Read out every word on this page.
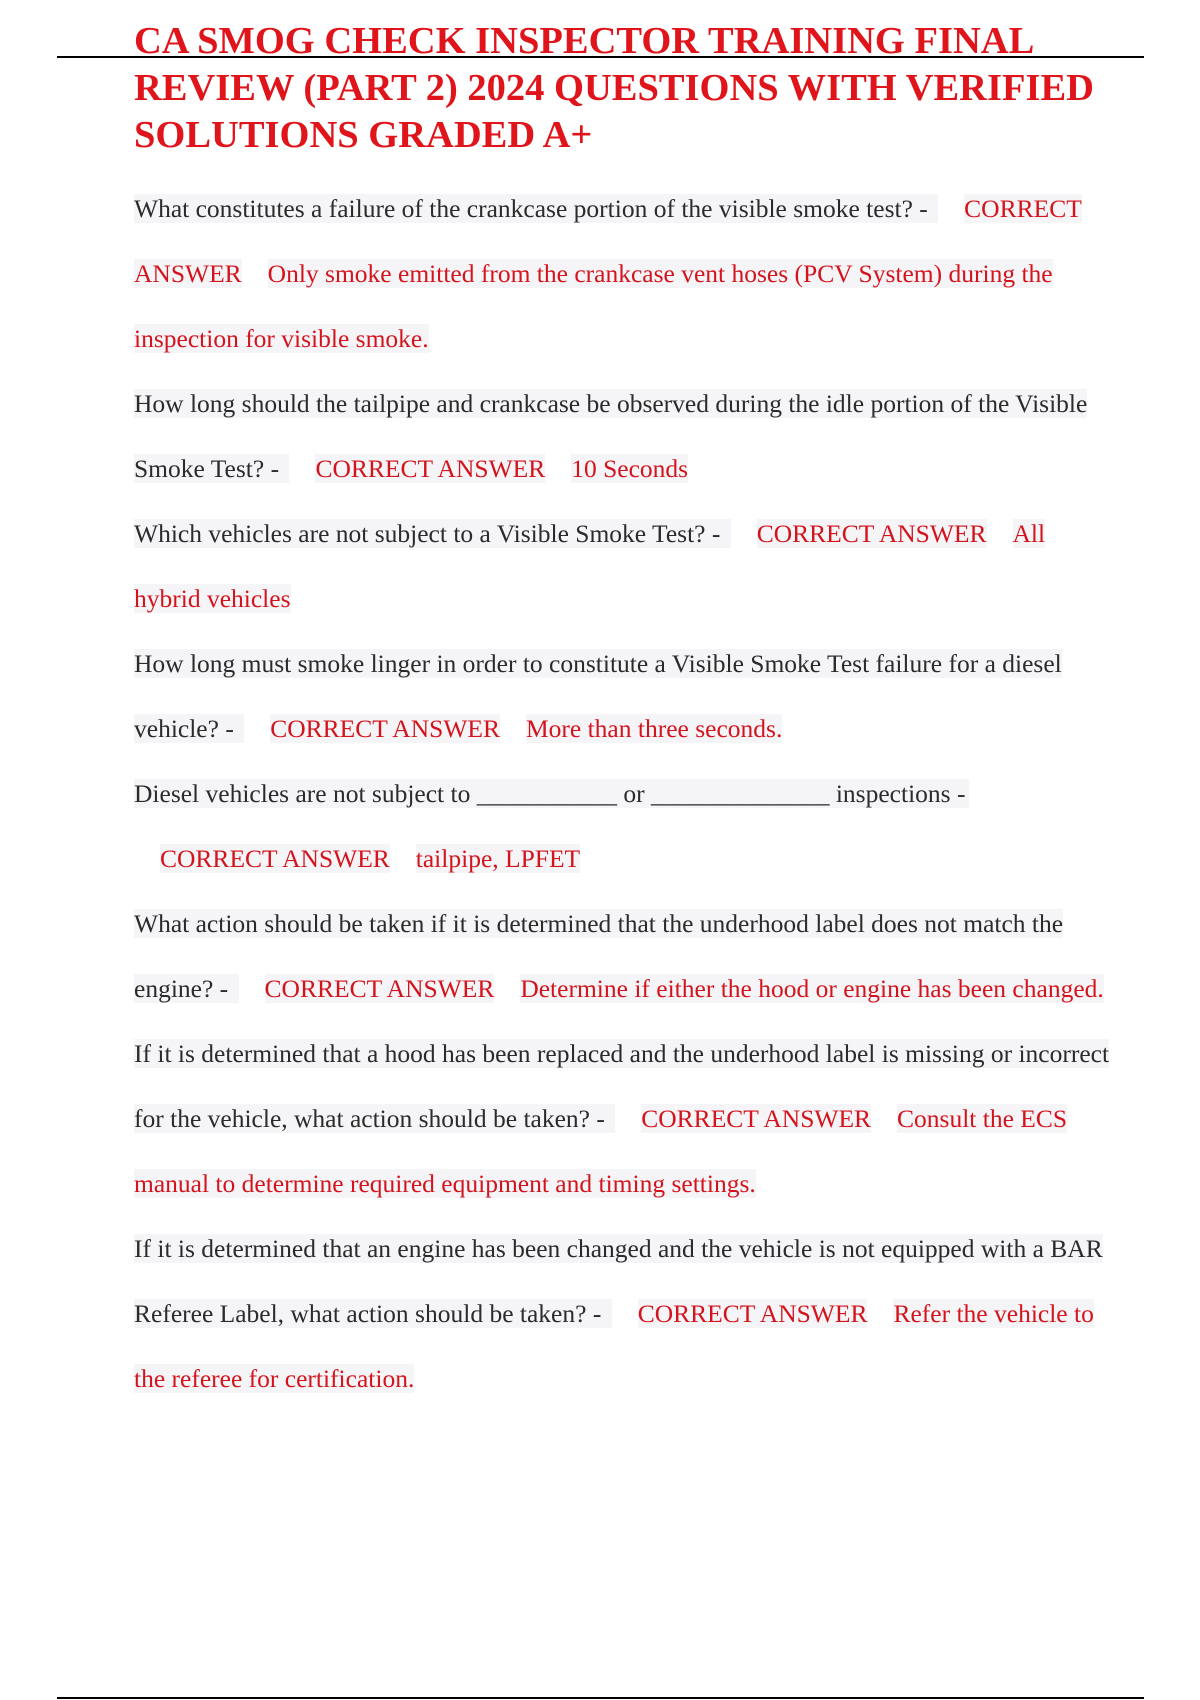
CA SMOG CHECK INSPECTOR TRAINING FINAL REVIEW (PART 2) 2024 QUESTIONS WITH VERIFIED SOLUTIONS GRADED A+

What constitutes a failure of the crankcase portion of the visible smoke test? - CORRECT ANSWER Only smoke emitted from the crankcase vent hoses (PCV System) during the inspection for visible smoke.

How long should the tailpipe and crankcase be observed during the idle portion of the Visible Smoke Test? - CORRECT ANSWER 10 Seconds

Which vehicles are not subject to a Visible Smoke Test? - CORRECT ANSWER All hybrid vehicles

How long must smoke linger in order to constitute a Visible Smoke Test failure for a diesel vehicle? - CORRECT ANSWER More than three seconds.

Diesel vehicles are not subject to ___________ or ______________ inspections - CORRECT ANSWER tailpipe, LPFET

What action should be taken if it is determined that the underhood label does not match the engine? - CORRECT ANSWER Determine if either the hood or engine has been changed.

If it is determined that a hood has been replaced and the underhood label is missing or incorrect for the vehicle, what action should be taken? - CORRECT ANSWER Consult the ECS manual to determine required equipment and timing settings.

If it is determined that an engine has been changed and the vehicle is not equipped with a BAR Referee Label, what action should be taken? - CORRECT ANSWER Refer the vehicle to the referee for certification.
